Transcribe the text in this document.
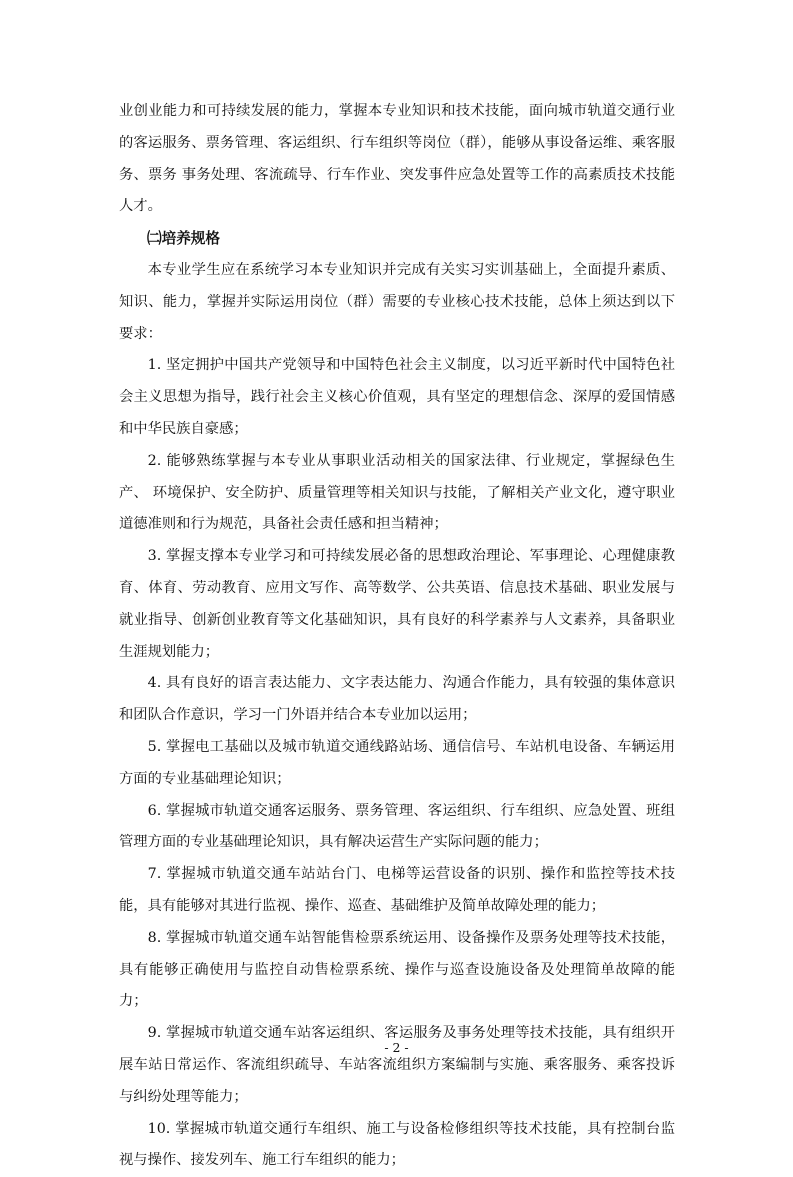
业创业能力和可持续发展的能力，掌握本专业知识和技术技能，面向城市轨道交通行业的客运服务、票务管理、客运组织、行车组织等岗位（群），能够从事设备运维、乘客服务、票务 事务处理、客流疏导、行车作业、突发事件应急处置等工作的高素质技术技能人才。

㈡培养规格

本专业学生应在系统学习本专业知识并完成有关实习实训基础上，全面提升素质、知识、能力，掌握并实际运用岗位（群）需要的专业核心技术技能，总体上须达到以下要求：

1. 坚定拥护中国共产党领导和中国特色社会主义制度，以习近平新时代中国特色社会主义思想为指导，践行社会主义核心价值观，具有坚定的理想信念、深厚的爱国情感和中华民族自豪感；

2. 能够熟练掌握与本专业从事职业活动相关的国家法律、行业规定，掌握绿色生产、 环境保护、安全防护、质量管理等相关知识与技能，了解相关产业文化，遵守职业道德准则和行为规范，具备社会责任感和担当精神；

3. 掌握支撑本专业学习和可持续发展必备的思想政治理论、军事理论、心理健康教育、体育、劳动教育、应用文写作、高等数学、公共英语、信息技术基础、职业发展与就业指导、创新创业教育等文化基础知识，具有良好的科学素养与人文素养，具备职业生涯规划能力；

4. 具有良好的语言表达能力、文字表达能力、沟通合作能力，具有较强的集体意识和团队合作意识，学习一门外语并结合本专业加以运用；

5. 掌握电工基础以及城市轨道交通线路站场、通信信号、车站机电设备、车辆运用方面的专业基础理论知识；

6. 掌握城市轨道交通客运服务、票务管理、客运组织、行车组织、应急处置、班组管理方面的专业基础理论知识，具有解决运营生产实际问题的能力；

7. 掌握城市轨道交通车站站台门、电梯等运营设备的识别、操作和监控等技术技能，具有能够对其进行监视、操作、巡查、基础维护及简单故障处理的能力；

8. 掌握城市轨道交通车站智能售检票系统运用、设备操作及票务处理等技术技能，具有能够正确使用与监控自动售检票系统、操作与巡查设施设备及处理简单故障的能力；

9. 掌握城市轨道交通车站客运组织、客运服务及事务处理等技术技能，具有组织开展车站日常运作、客流组织疏导、车站客流组织方案编制与实施、乘客服务、乘客投诉与纠纷处理等能力；

10. 掌握城市轨道交通行车组织、施工与设备检修组织等技术技能，具有控制台监视与操作、接发列车、施工行车组织的能力；

- 2 -
